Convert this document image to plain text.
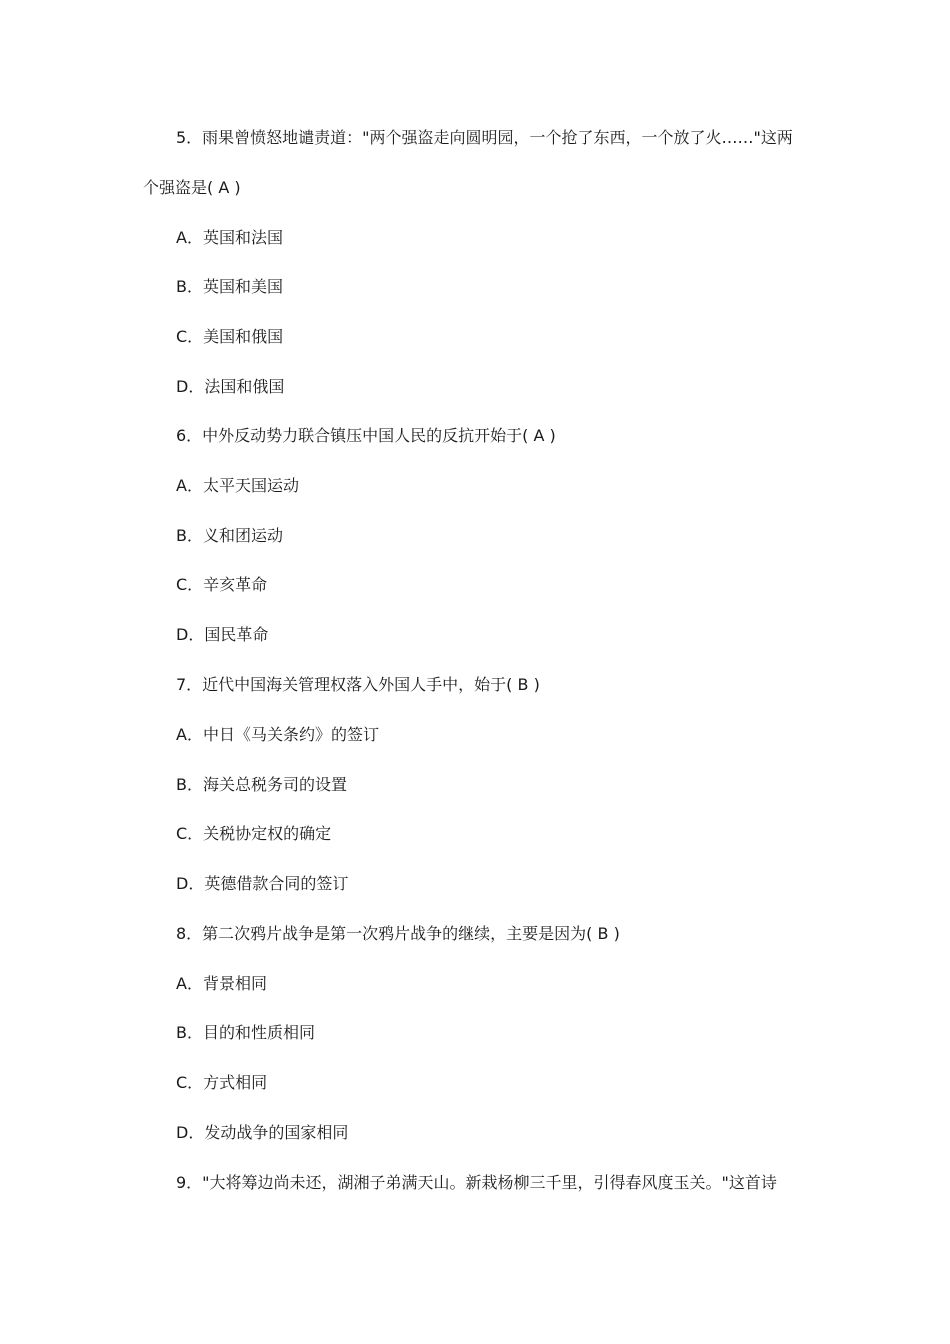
5．雨果曾愤怒地谴责道："两个强盗走向圆明园，一个抢了东西，一个放了火……"这两
个强盗是( A )
A．英国和法国
B．英国和美国
C．美国和俄国
D．法国和俄国
6．中外反动势力联合镇压中国人民的反抗开始于( A )
A．太平天国运动
B．义和团运动
C．辛亥革命
D．国民革命
7．近代中国海关管理权落入外国人手中，始于( B )
A．中日《马关条约》的签订
B．海关总税务司的设置
C．关税协定权的确定
D．英德借款合同的签订
8．第二次鸦片战争是第一次鸦片战争的继续，主要是因为( B )
A．背景相同
B．目的和性质相同
C．方式相同
D．发动战争的国家相同
9．"大将筹边尚未还，湖湘子弟满天山。新栽杨柳三千里，引得春风度玉关。"这首诗
